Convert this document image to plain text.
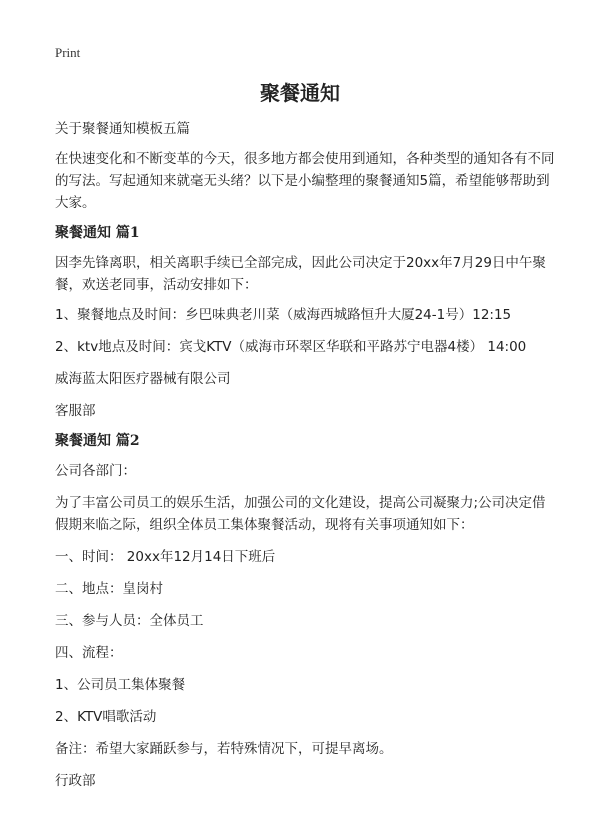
Print
聚餐通知

关于聚餐通知模板五篇

在快速变化和不断变革的今天，很多地方都会使用到通知，各种类型的通知各有不同的写法。写起通知来就毫无头绪？以下是小编整理的聚餐通知5篇，希望能够帮助到大家。

聚餐通知 篇1

因李先锋离职，相关离职手续已全部完成，因此公司决定于20xx年7月29日中午聚餐，欢送老同事，活动安排如下：

1、聚餐地点及时间：乡巴味典老川菜（威海西城路恒升大厦24-1号）12:15

2、ktv地点及时间：宾戈KTV（威海市环翠区华联和平路苏宁电器4楼） 14:00

威海蓝太阳医疗器械有限公司

客服部

聚餐通知 篇2

公司各部门：

为了丰富公司员工的娱乐生活，加强公司的文化建设，提高公司凝聚力;公司决定借假期来临之际，组织全体员工集体聚餐活动，现将有关事项通知如下：

一、时间： 20xx年12月14日下班后

二、地点：皇岗村

三、参与人员：全体员工

四、流程：

1、公司员工集体聚餐

2、KTV唱歌活动

备注：希望大家踊跃参与，若特殊情况下，可提早离场。

行政部
